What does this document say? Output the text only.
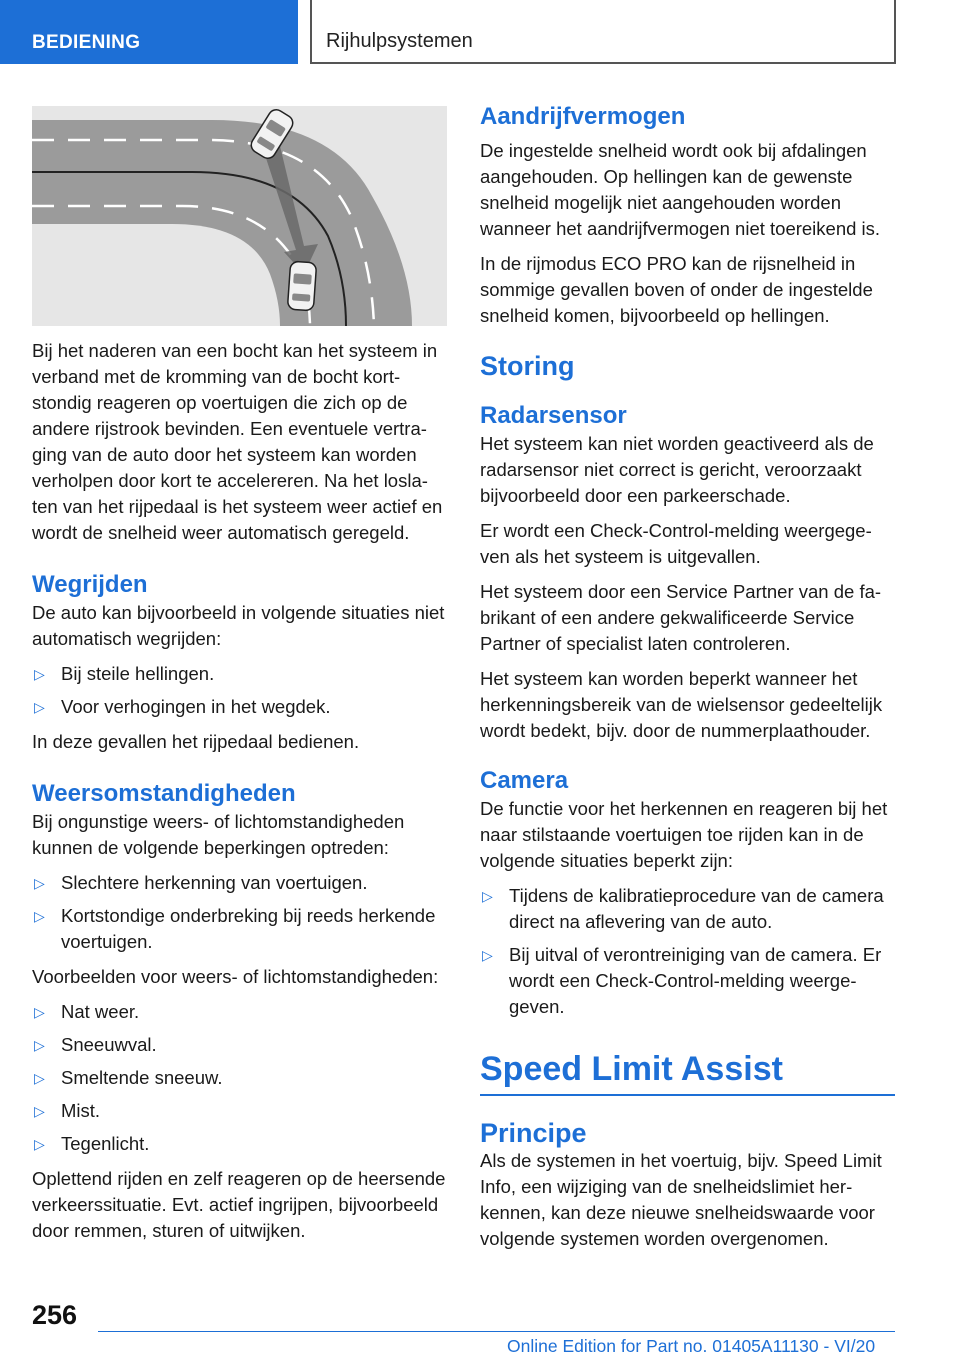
BEDIENING	Rijhulpsystemen

Bij het naderen van een bocht kan het systeem in verband met de kromming van de bocht kortstondig reageren op voertuigen die zich op de andere rijstrook bevinden. Een eventuele vertraging van de auto door het systeem kan worden verholpen door kort te accelereren. Na het loslaten van het rijpedaal is het systeem weer actief en wordt de snelheid weer automatisch geregeld.

Wegrijden

De auto kan bijvoorbeeld in volgende situaties niet automatisch wegrijden:

▷ Bij steile hellingen.
▷ Voor verhogingen in het wegdek.

In deze gevallen het rijpedaal bedienen.

Weersomstandigheden

Bij ongunstige weers- of lichtomstandigheden kunnen de volgende beperkingen optreden:

▷ Slechtere herkenning van voertuigen.
▷ Kortstondige onderbreking bij reeds herkende voertuigen.

Voorbeelden voor weers- of lichtomstandigheden:

▷ Nat weer.
▷ Sneeuwval.
▷ Smeltende sneeuw.
▷ Mist.
▷ Tegenlicht.

Oplettend rijden en zelf reageren op de heersende verkeerssituatie. Evt. actief ingrijpen, bijvoorbeeld door remmen, sturen of uitwijken.

Aandrijfvermogen

De ingestelde snelheid wordt ook bij afdalingen aangehouden. Op hellingen kan de gewenste snelheid mogelijk niet aangehouden worden wanneer het aandrijfvermogen niet toereikend is.

In de rijmodus ECO PRO kan de rijsnelheid in sommige gevallen boven of onder de ingestelde snelheid komen, bijvoorbeeld op hellingen.

Storing
Radarsensor

Het systeem kan niet worden geactiveerd als de radarsensor niet correct is gericht, veroorzaakt bijvoorbeeld door een parkeerschade.

Er wordt een Check-Control-melding weergegeven als het systeem is uitgevallen.

Het systeem door een Service Partner van de fabrikant of een andere gekwalificeerde Service Partner of specialist laten controleren.

Het systeem kan worden beperkt wanneer het herkenningsbereik van de wielsensor gedeeltelijk wordt bedekt, bijv. door de nummerplaathouder.

Camera

De functie voor het herkennen en reageren bij het naar stilstaande voertuigen toe rijden kan in de volgende situaties beperkt zijn:

▷ Tijdens de kalibratieprocedure van de camera direct na aflevering van de auto.
▷ Bij uitval of verontreiniging van de camera. Er wordt een Check-Control-melding weergegeven.
Speed Limit Assist
Principe

Als de systemen in het voertuig, bijv. Speed Limit Info, een wijziging van de snelheidslimiet herkennen, kan deze nieuwe snelheidswaarde voor volgende systemen worden overgenomen.

256
Online Edition for Part no. 01405A11130 - VI/20
